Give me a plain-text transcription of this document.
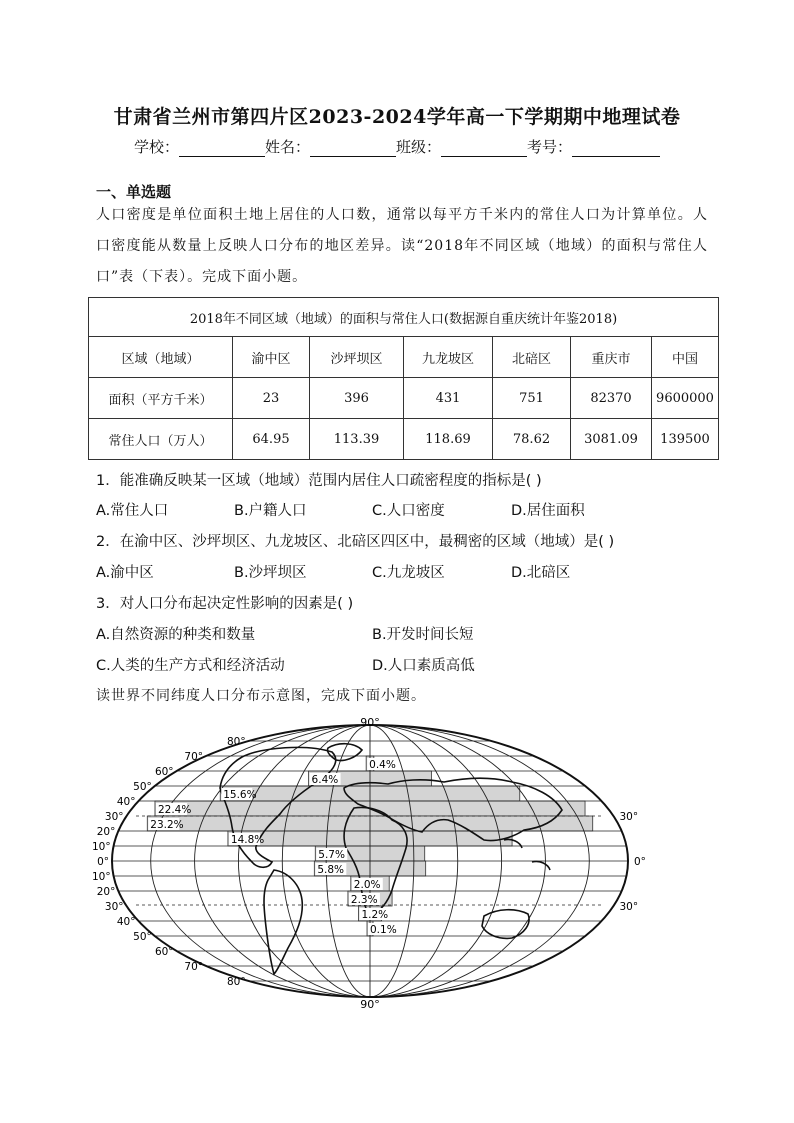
甘肃省兰州市第四片区2023-2024学年高一下学期期中地理试卷
学校：	姓名：	班级：	考号：
一、单选题
人口密度是单位面积土地上居住的人口数，通常以每平方千米内的常住人口为计算单位。人口密度能从数量上反映人口分布的地区差异。读“2018年不同区域（地域）的面积与常住人口”表（下表）。完成下面小题。
2018年不同区域（地域）的面积与常住人口(数据源自重庆统计年鉴2018)						
区域（地域）	渝中区	沙坪坝区	九龙坡区	北碚区	重庆市	中国
面积（平方千米）	23	396	431	751	82370	9600000
常住人口（万人）	64.95	113.39	118.69	78.62	3081.09	139500
1．能准确反映某一区域（地域）范围内居住人口疏密程度的指标是( )
A.常住人口	B.户籍人口	C.人口密度	D.居住面积
2．在渝中区、沙坪坝区、九龙坡区、北碚区四区中，最稠密的区域（地域）是( )
A.渝中区	B.沙坪坝区	C.九龙坡区	D.北碚区
3．对人口分布起决定性影响的因素是( )
A.自然资源的种类和数量	B.开发时间长短
C.人类的生产方式和经济活动	D.人口素质高低
读世界不同纬度人口分布示意图，完成下面小题。
0.4%
6.4%
15.6%
22.4%
23.2%
14.8%
5.7%
5.8%
2.0%
2.3%
1.2%
0.1%
80°
70°
60°
50°
40°
30°
20°
10°
0°
10°
20°
30°
40°
50°
60°
70°
80°
30°
0°
30°
90°
90°
